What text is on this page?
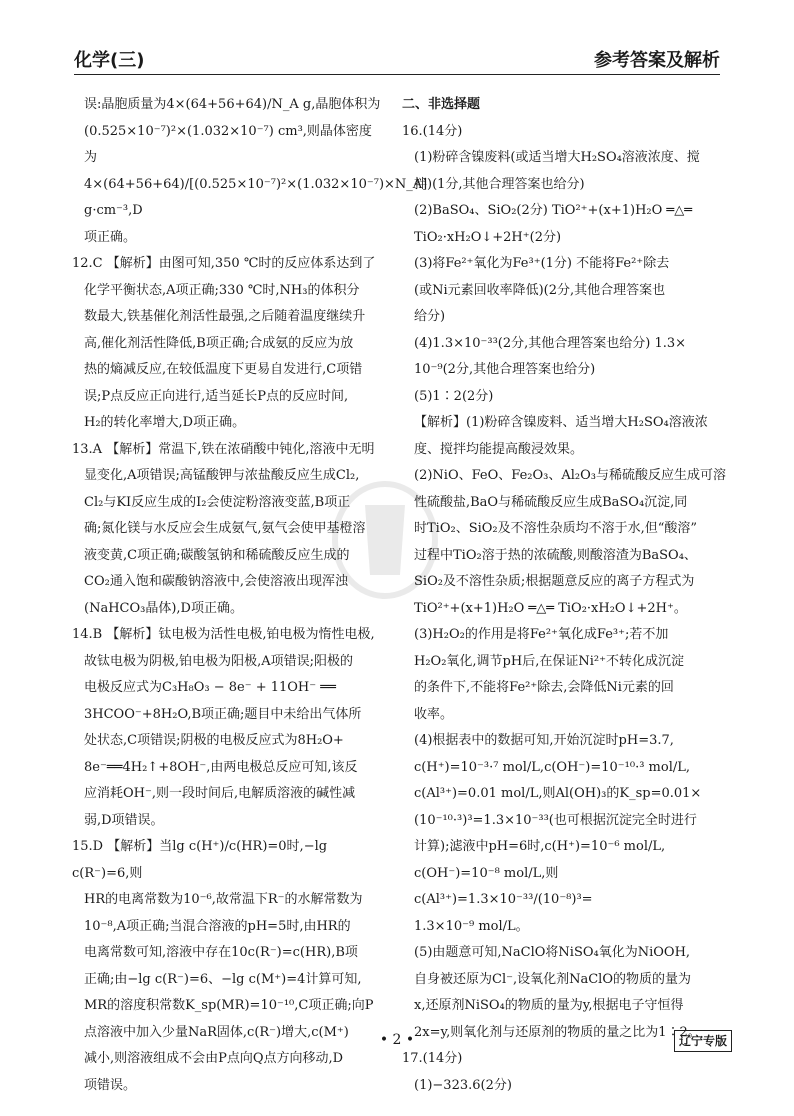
化学(三)	参考答案及解析

误:晶胞质量为4×(64+56+64)/N_A g,晶胞体积为

(0.525×10⁻⁷)²×(1.032×10⁻⁷) cm³,则晶体密度

为4×(64+56+64)/[(0.525×10⁻⁷)²×(1.032×10⁻⁷)×N_A] g·cm⁻³,D

项正确。

12.C 【解析】由图可知,350 ℃时的反应体系达到了

化学平衡状态,A项正确;330 ℃时,NH₃的体积分

数最大,铁基催化剂活性最强,之后随着温度继续升

高,催化剂活性降低,B项正确;合成氨的反应为放

热的熵减反应,在较低温度下更易自发进行,C项错

误;P点反应正向进行,适当延长P点的反应时间,

H₂的转化率增大,D项正确。

13.A 【解析】常温下,铁在浓硝酸中钝化,溶液中无明

显变化,A项错误;高锰酸钾与浓盐酸反应生成Cl₂,

Cl₂与KI反应生成的I₂会使淀粉溶液变蓝,B项正

确;氮化镁与水反应会生成氨气,氨气会使甲基橙溶

液变黄,C项正确;碳酸氢钠和稀硫酸反应生成的

CO₂通入饱和碳酸钠溶液中,会使溶液出现浑浊

(NaHCO₃晶体),D项正确。

14.B 【解析】钛电极为活性电极,铂电极为惰性电极,

故钛电极为阴极,铂电极为阳极,A项错误;阳极的

电极反应式为C₃H₈O₃ − 8e⁻ + 11OH⁻ ══

3HCOO⁻+8H₂O,B项正确;题目中未给出气体所

处状态,C项错误;阴极的电极反应式为8H₂O+

8e⁻══4H₂↑+8OH⁻,由两电极总反应可知,该反

应消耗OH⁻,则一段时间后,电解质溶液的碱性减

弱,D项错误。

15.D 【解析】当lg c(H⁺)/c(HR)=0时,−lg c(R⁻)=6,则

HR的电离常数为10⁻⁶,故常温下R⁻的水解常数为

10⁻⁸,A项正确;当混合溶液的pH=5时,由HR的

电离常数可知,溶液中存在10c(R⁻)=c(HR),B项

正确;由−lg c(R⁻)=6、−lg c(M⁺)=4计算可知,

MR的溶度积常数K_sp(MR)=10⁻¹⁰,C项正确;向P

点溶液中加入少量NaR固体,c(R⁻)增大,c(M⁺)

减小,则溶液组成不会由P点向Q点方向移动,D

项错误。

二、非选择题

16.(14分)

(1)粉碎含镍废料(或适当增大H₂SO₄溶液浓度、搅

拌)(1分,其他合理答案也给分)

(2)BaSO₄、SiO₂(2分) TiO²⁺+(x+1)H₂O ═△═

TiO₂·xH₂O↓+2H⁺(2分)

(3)将Fe²⁺氧化为Fe³⁺(1分) 不能将Fe²⁺除去

(或Ni元素回收率降低)(2分,其他合理答案也

给分)

(4)1.3×10⁻³³(2分,其他合理答案也给分) 1.3×

10⁻⁹(2分,其他合理答案也给分)

(5)1∶2(2分)

【解析】(1)粉碎含镍废料、适当增大H₂SO₄溶液浓

度、搅拌均能提高酸浸效果。

(2)NiO、FeO、Fe₂O₃、Al₂O₃与稀硫酸反应生成可溶

性硫酸盐,BaO与稀硫酸反应生成BaSO₄沉淀,同

时TiO₂、SiO₂及不溶性杂质均不溶于水,但“酸溶”

过程中TiO₂溶于热的浓硫酸,则酸溶渣为BaSO₄、

SiO₂及不溶性杂质;根据题意反应的离子方程式为

TiO²⁺+(x+1)H₂O ═△═ TiO₂·xH₂O↓+2H⁺。

(3)H₂O₂的作用是将Fe²⁺氧化成Fe³⁺;若不加

H₂O₂氧化,调节pH后,在保证Ni²⁺不转化成沉淀

的条件下,不能将Fe²⁺除去,会降低Ni元素的回

收率。

(4)根据表中的数据可知,开始沉淀时pH=3.7,

c(H⁺)=10⁻³·⁷ mol/L,c(OH⁻)=10⁻¹⁰·³ mol/L,

c(Al³⁺)=0.01 mol/L,则Al(OH)₃的K_sp=0.01×

(10⁻¹⁰·³)³=1.3×10⁻³³(也可根据沉淀完全时进行

计算);滤液中pH=6时,c(H⁺)=10⁻⁶ mol/L,

c(OH⁻)=10⁻⁸ mol/L,则c(Al³⁺)=1.3×10⁻³³/(10⁻⁸)³=

1.3×10⁻⁹ mol/L。

(5)由题意可知,NaClO将NiSO₄氧化为NiOOH,

自身被还原为Cl⁻,设氧化剂NaClO的物质的量为

x,还原剂NiSO₄的物质的量为y,根据电子守恒得

2x=y,则氧化剂与还原剂的物质的量之比为1∶2。

17.(14分)

(1)−323.6(2分)

• 2 •	辽宁专版
